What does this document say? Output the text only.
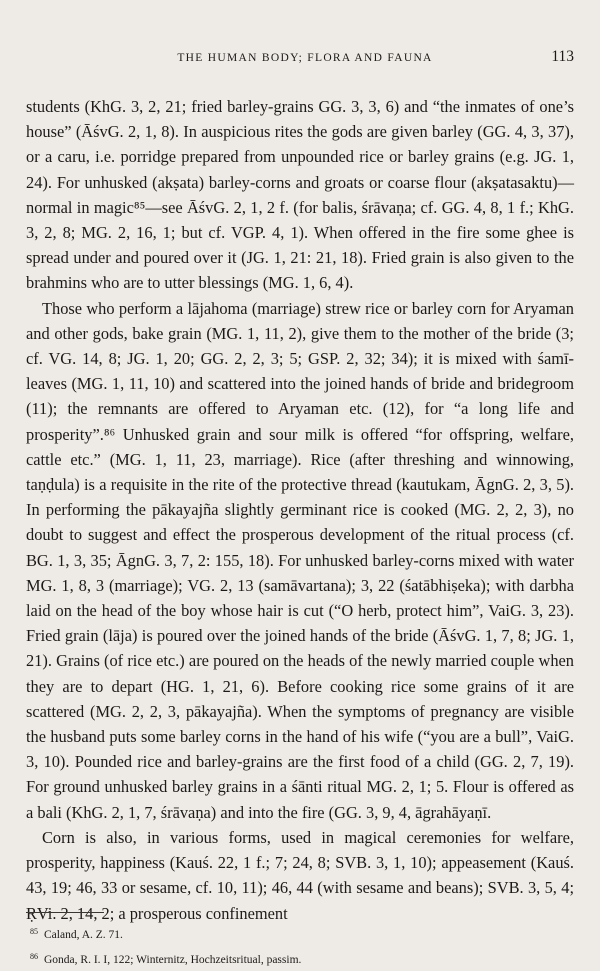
THE HUMAN BODY; FLORA AND FAUNA	113

students (KhG. 3, 2, 21; fried barley-grains GG. 3, 3, 6) and “the inmates of one’s house” (ĀśvG. 2, 1, 8). In auspicious rites the gods are given barley (GG. 4, 3, 37), or a caru, i.e. porridge prepared from unpounded rice or barley grains (e.g. JG. 1, 24). For unhusked (akṣata) barley-corns and groats or coarse flour (akṣatasaktu)—normal in magic⁸⁵—see ĀśvG. 2, 1, 2 f. (for balis, śrāvaṇa; cf. GG. 4, 8, 1 f.; KhG. 3, 2, 8; MG. 2, 16, 1; but cf. VGP. 4, 1). When offered in the fire some ghee is spread under and poured over it (JG. 1, 21: 21, 18). Fried grain is also given to the brahmins who are to utter blessings (MG. 1, 6, 4).

Those who perform a lājahoma (marriage) strew rice or barley corn for Aryaman and other gods, bake grain (MG. 1, 11, 2), give them to the mother of the bride (3; cf. VG. 14, 8; JG. 1, 20; GG. 2, 2, 3; 5; GSP. 2, 32; 34); it is mixed with śamī-leaves (MG. 1, 11, 10) and scattered into the joined hands of bride and bridegroom (11); the remnants are offered to Aryaman etc. (12), for “a long life and prosperity”.⁸⁶ Unhusked grain and sour milk is offered “for offspring, welfare, cattle etc.” (MG. 1, 11, 23, marriage). Rice (after threshing and winnowing, taṇḍula) is a requisite in the rite of the protective thread (kautukam, ĀgnG. 2, 3, 5). In performing the pākayajña slightly germinant rice is cooked (MG. 2, 2, 3), no doubt to suggest and effect the prosperous development of the ritual process (cf. BG. 1, 3, 35; ĀgnG. 3, 7, 2: 155, 18). For unhusked barley-corns mixed with water MG. 1, 8, 3 (marriage); VG. 2, 13 (samāvartana); 3, 22 (śatābhiṣeka); with darbha laid on the head of the boy whose hair is cut (“O herb, protect him”, VaiG. 3, 23). Fried grain (lāja) is poured over the joined hands of the bride (ĀśvG. 1, 7, 8; JG. 1, 21). Grains (of rice etc.) are poured on the heads of the newly married couple when they are to depart (HG. 1, 21, 6). Before cooking rice some grains of it are scattered (MG. 2, 2, 3, pākayajña). When the symptoms of pregnancy are visible the husband puts some barley corns in the hand of his wife (“you are a bull”, VaiG. 3, 10). Pounded rice and barley-grains are the first food of a child (GG. 2, 7, 19). For ground unhusked barley grains in a śānti ritual MG. 2, 1; 5. Flour is offered as a bali (KhG. 2, 1, 7, śrāvaṇa) and into the fire (GG. 3, 9, 4, āgrahāyaṇī.

Corn is also, in various forms, used in magical ceremonies for welfare, prosperity, happiness (Kauś. 22, 1 f.; 7; 24, 8; SVB. 3, 1, 10); appeasement (Kauś. 43, 19; 46, 33 or sesame, cf. 10, 11); 46, 44 (with sesame and beans); SVB. 3, 5, 4; ṚVi. 2, 14, 2; a prosperous confinement

$^{85}$ Caland, A. Z. 71.
$^{86}$ Gonda, R. I. I, 122; Winternitz, Hochzeitsritual, passim.
